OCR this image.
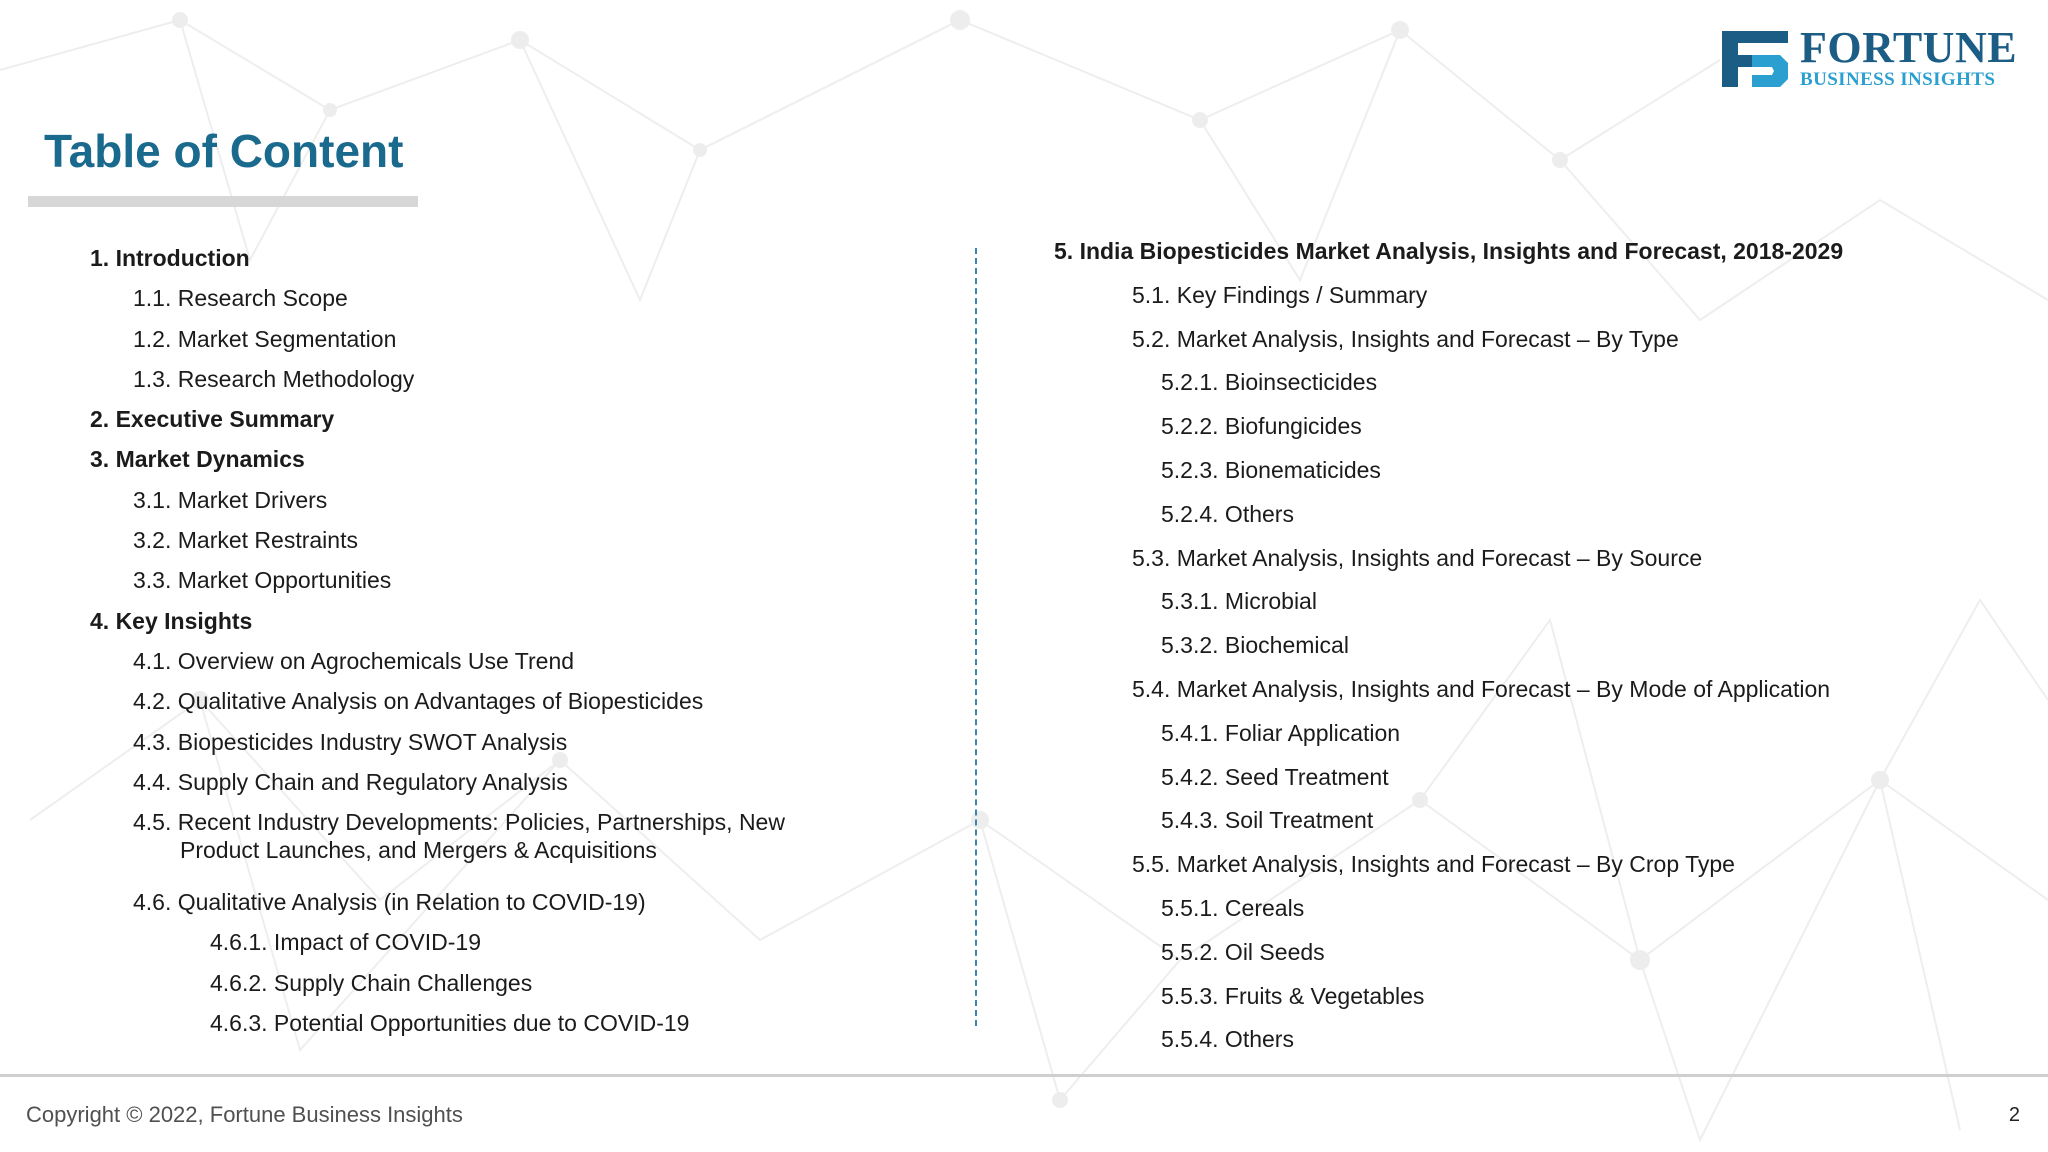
FORTUNE
BUSINESS INSIGHTS
Table of Content
1. Introduction
1.1. Research Scope
1.2. Market Segmentation
1.3. Research Methodology
2. Executive Summary
3. Market Dynamics
3.1. Market Drivers
3.2. Market Restraints
3.3. Market Opportunities
4. Key Insights
4.1. Overview on Agrochemicals Use Trend
4.2. Qualitative Analysis on Advantages of Biopesticides
4.3. Biopesticides Industry SWOT Analysis
4.4. Supply Chain and Regulatory Analysis
4.5. Recent Industry Developments: Policies, Partnerships, New Product Launches, and Mergers & Acquisitions
4.6. Qualitative Analysis (in Relation to COVID-19)
4.6.1. Impact of COVID-19
4.6.2. Supply Chain Challenges
4.6.3. Potential Opportunities due to COVID-19
5. India Biopesticides Market Analysis, Insights and Forecast, 2018-2029
5.1. Key Findings / Summary
5.2. Market Analysis, Insights and Forecast – By Type
5.2.1. Bioinsecticides
5.2.2. Biofungicides
5.2.3. Bionematicides
5.2.4. Others
5.3. Market Analysis, Insights and Forecast – By Source
5.3.1. Microbial
5.3.2. Biochemical
5.4. Market Analysis, Insights and Forecast – By Mode of Application
5.4.1. Foliar Application
5.4.2. Seed Treatment
5.4.3. Soil Treatment
5.5. Market Analysis, Insights and Forecast – By Crop Type
5.5.1. Cereals
5.5.2. Oil Seeds
5.5.3. Fruits & Vegetables
5.5.4. Others
Copyright © 2022, Fortune Business Insights	2
